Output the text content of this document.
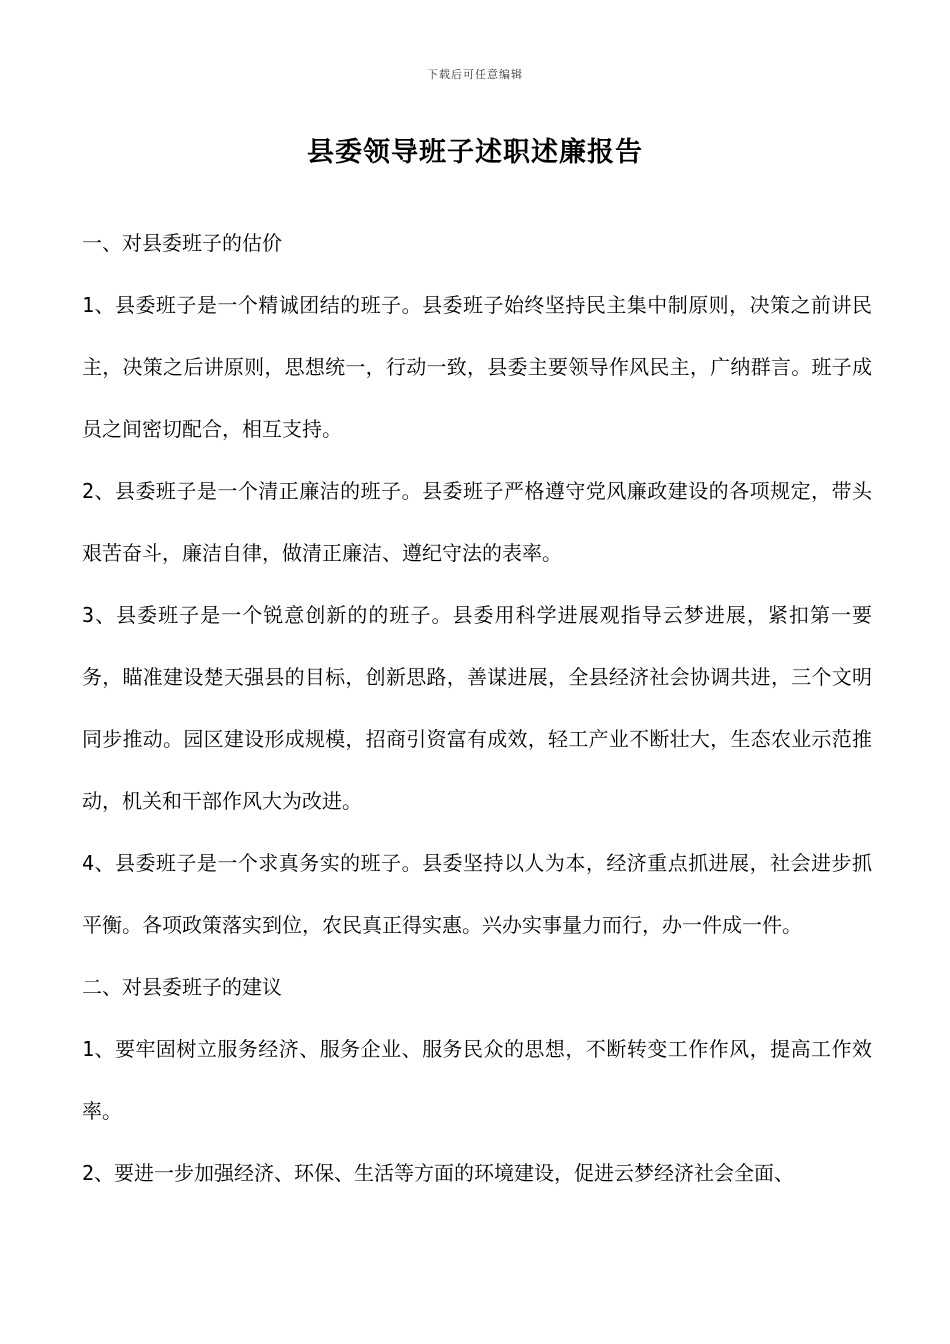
下载后可任意编辑
县委领导班子述职述廉报告

一、对县委班子的估价

1、县委班子是一个精诚团结的班子。县委班子始终坚持民主集中制原则，决策之前讲民主，决策之后讲原则，思想统一，行动一致，县委主要领导作风民主，广纳群言。班子成员之间密切配合，相互支持。

2、县委班子是一个清正廉洁的班子。县委班子严格遵守党风廉政建设的各项规定，带头艰苦奋斗，廉洁自律，做清正廉洁、遵纪守法的表率。

3、县委班子是一个锐意创新的的班子。县委用科学进展观指导云梦进展，紧扣第一要务，瞄准建设楚天强县的目标，创新思路，善谋进展，全县经济社会协调共进，三个文明同步推动。园区建设形成规模，招商引资富有成效，轻工产业不断壮大，生态农业示范推动，机关和干部作风大为改进。

4、县委班子是一个求真务实的班子。县委坚持以人为本，经济重点抓进展，社会进步抓平衡。各项政策落实到位，农民真正得实惠。兴办实事量力而行，办一件成一件。

二、对县委班子的建议

1、要牢固树立服务经济、服务企业、服务民众的思想，不断转变工作作风，提高工作效率。

2、要进一步加强经济、环保、生活等方面的环境建设，促进云梦经济社会全面、
